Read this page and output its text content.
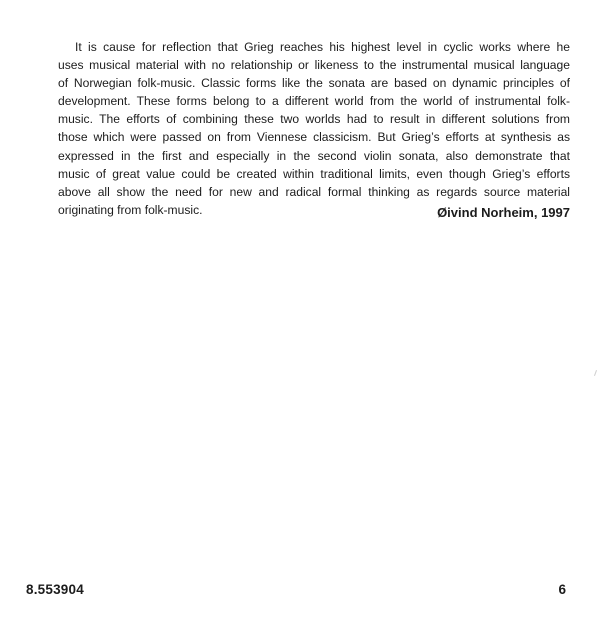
It is cause for reflection that Grieg reaches his highest level in cyclic works where he
uses musical material with no relationship or likeness to the instrumental musical language
of Norwegian folk-music. Classic forms like the sonata are based on dynamic principles of
development. These forms belong to a different world from the world of instrumental folk-
music. The efforts of combining these two worlds had to result in different solutions from
those which were passed on from Viennese classicism. But Grieg’s efforts at synthesis as
expressed in the first and especially in the second violin sonata, also demonstrate that
music of great value could be created within traditional limits, even though Grieg’s efforts
above all show the need for new and radical formal thinking as regards source material
originating from folk-music.	Øivind Norheim, 1997
8.553904	6
